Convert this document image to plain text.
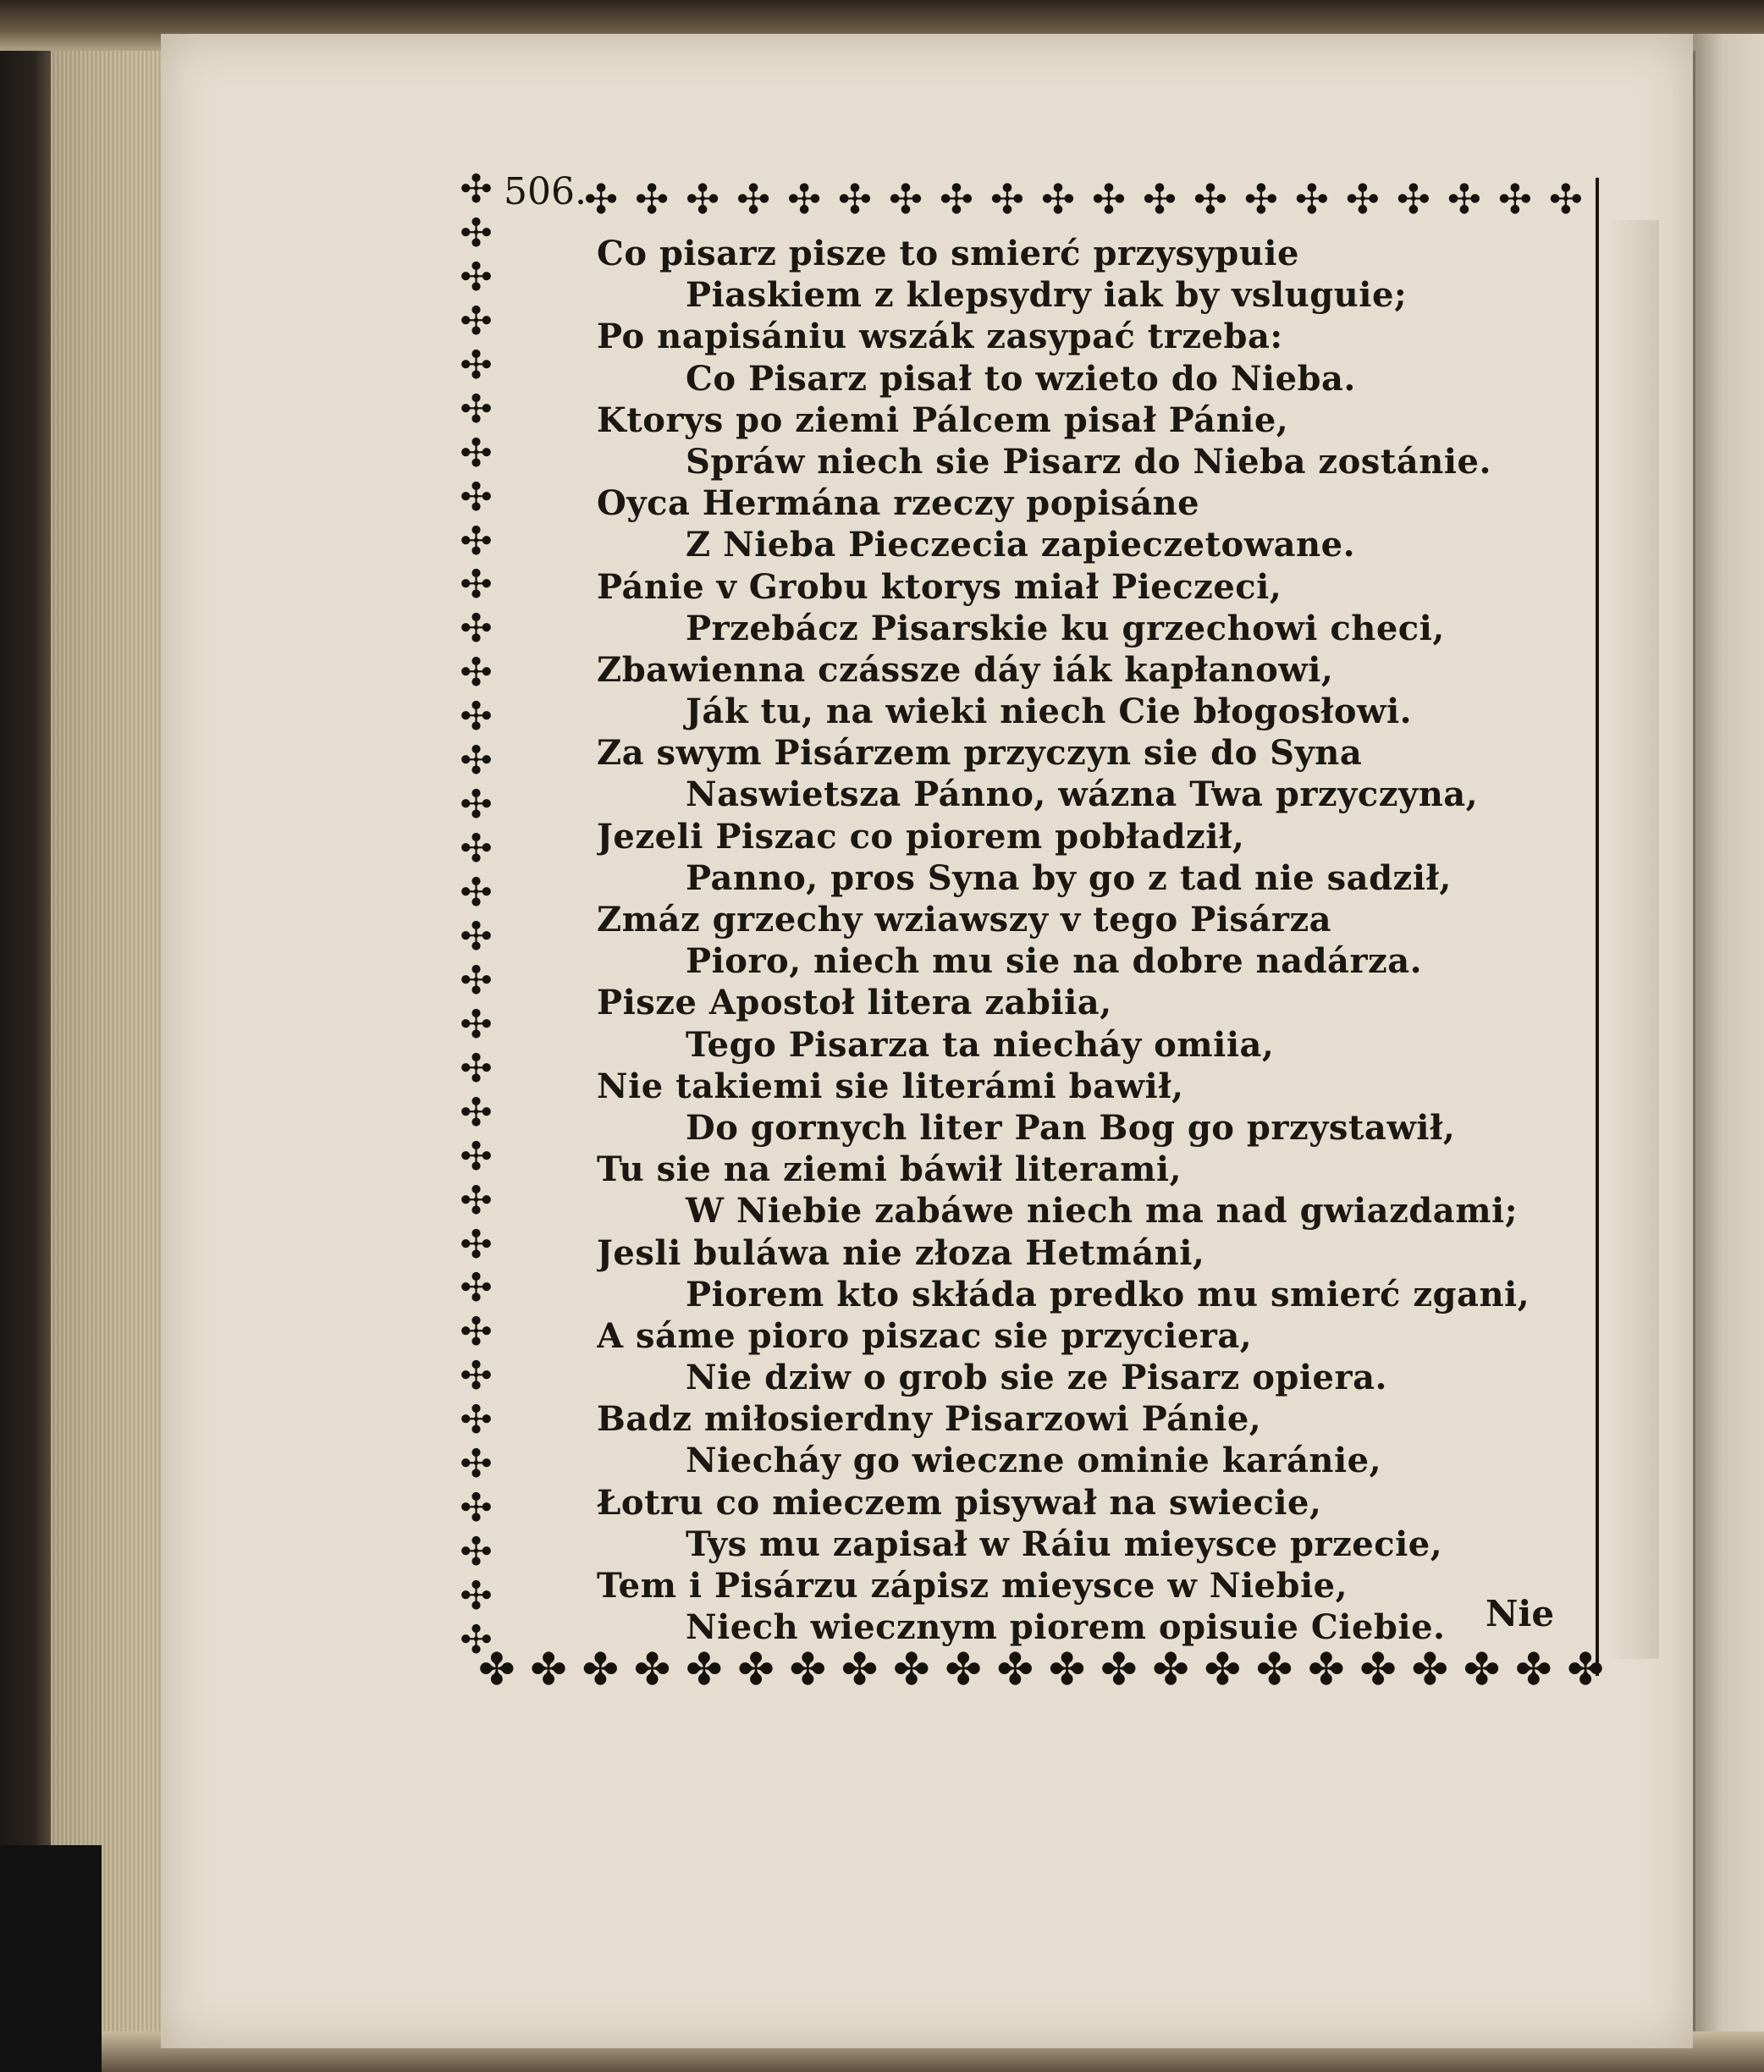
506.
✣ ✣ ✣ ✣ ✣ ✣ ✣ ✣ ✣ ✣ ✣ ✣ ✣ ✣ ✣ ✣ ✣ ✣ ✣ ✣
✣
✣
✣
✣
✣
✣
✣
✣
✣
✣
✣
✣
✣
✣
✣
✣
✣
✣
✣
✣
✣
✣
✣
✣
✣
✣
✣
✣
✣
✣
✣
✣
✣
✣
Co pisarz pisze to smierć przysypuie
Piaskiem z klepsydry iak by vsluguie;
Po napisániu wszák zasypać trzeba:
Co Pisarz pisał to wzieto do Nieba.
Ktorys po ziemi Pálcem pisał Pánie,
Spráw niech sie Pisarz do Nieba zostánie.
Oyca Hermána rzeczy popisáne
Z Nieba Pieczecia zapieczetowane.
Pánie v Grobu ktorys miał Pieczeci,
Przebácz Pisarskie ku grzechowi checi,
Zbawienna czássze dáy iák kapłanowi,
Ják tu, na wieki niech Cie błogosłowi.
Za swym Pisárzem przyczyn sie do Syna
Naswietsza Pánno, wázna Twa przyczyna,
Jezeli Piszac co piorem pobładził,
Panno, pros Syna by go z tad nie sadził,
Zmáz grzechy wziawszy v tego Pisárza
Pioro, niech mu sie na dobre nadárza.
Pisze Apostoł litera zabiia,
Tego Pisarza ta niecháy omiia,
Nie takiemi sie literámi bawił,
Do gornych liter Pan Bog go przystawił,
Tu sie na ziemi báwił literami,
W Niebie zabáwe niech ma nad gwiazdami;
Jesli buláwa nie złoza Hetmáni,
Piorem kto skłáda predko mu smierć zgani,
A sáme pioro piszac sie przyciera,
Nie dziw o grob sie ze Pisarz opiera.
Badz miłosierdny Pisarzowi Pánie,
Niecháy go wieczne ominie karánie,
Łotru co mieczem pisywał na swiecie,
Tys mu zapisał w Ráiu mieysce przecie,
Tem i Pisárzu zápisz mieysce w Niebie,
Niech wiecznym piorem opisuie Ciebie.	Nie
✤ ✤ ✤ ✤ ✤ ✤ ✤ ✤ ✤ ✤ ✤ ✤ ✤ ✤ ✤ ✤ ✤ ✤ ✤ ✤ ✤ ✤
